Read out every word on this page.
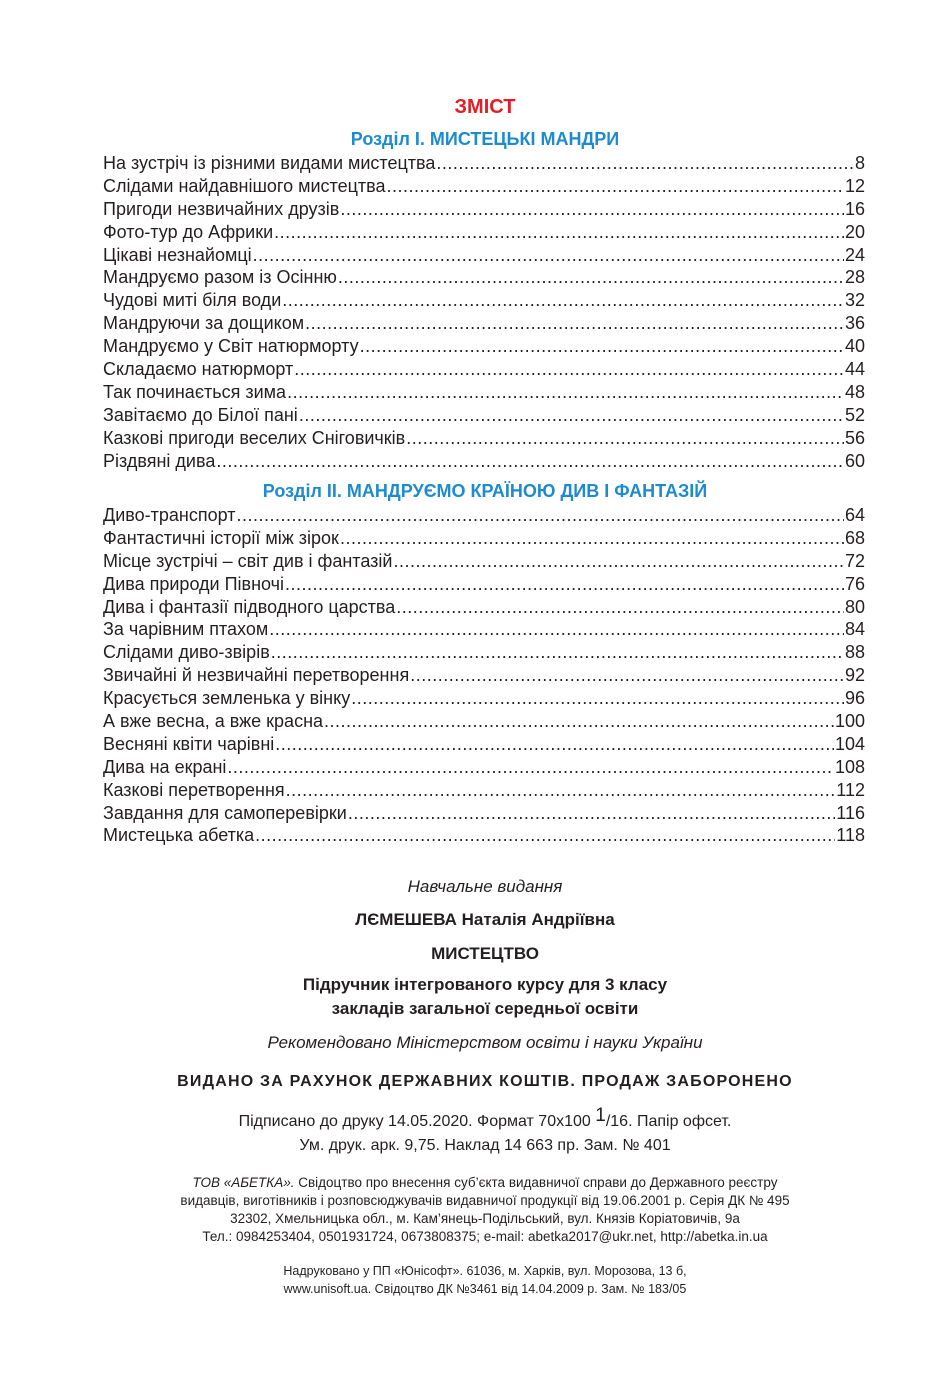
ЗМІСТ
Розділ І. МИСТЕЦЬКІ МАНДРИ
На зустріч із різними видами мистецтва .....	8
Слідами найдавнішого мистецтва .....	12
Пригоди незвичайних друзів .....	16
Фото-тур до Африки .....	20
Цікаві незнайомці .....	24
Мандруємо разом із Осінню .....	28
Чудові миті біля води .....	32
Мандруючи за дощиком .....	36
Мандруємо у Світ натюрморту .....	40
Складаємо натюрморт .....	44
Так починається зима .....	48
Завітаємо до Білої пані .....	52
Казкові пригоди веселих Сніговичків .....	56
Різдвяні дива .....	60
Розділ ІІ. МАНДРУЄМО КРАЇНОЮ ДИВ І ФАНТАЗІЙ
Диво-транспорт .....	64
Фантастичні історії між зірок .....	68
Місце зустрічі – світ див і фантазій .....	72
Дива природи Півночі .....	76
Дива і фантазії підводного царства .....	80
За чарівним птахом .....	84
Слідами диво-звірів .....	88
Звичайні й незвичайні перетворення .....	92
Красується земленька у вінку .....	96
А вже весна, а вже красна .....	100
Весняні квіти чарівні .....	104
Дива на екрані .....	108
Казкові перетворення .....	112
Завдання для самоперевірки .....	116
Мистецька абетка .....	118
Навчальне видання
ЛЄМЕШЕВА Наталія Андріївна
МИСТЕЦТВО
Підручник інтегрованого курсу для 3 класу
закладів загальної середньої освіти
Рекомендовано Міністерством освіти і науки України
ВИДАНО ЗА РАХУНОК ДЕРЖАВНИХ КОШТІВ. ПРОДАЖ ЗАБОРОНЕНО
Підписано до друку 14.05.2020. Формат 70х100 1/16. Папір офсет.
Ум. друк. арк. 9,75. Наклад 14 663 пр. Зам. № 401
ТОВ «АБЕТКА». Свідоцтво про внесення суб’єкта видавничої справи до Державного реєстру
видавців, виготівників і розповсюджувачів видавничої продукції від 19.06.2001 р. Серія ДК № 495
32302, Хмельницька обл., м. Кам’янець-Подільський, вул. Князів Коріатовичів, 9а
Тел.: 0984253404, 0501931724, 0673808375; e-mail: abetka2017@ukr.net, http://abetka.in.ua
Надруковано у ПП «Юнісофт». 61036, м. Харків, вул. Морозова, 13 б,
www.unisoft.ua. Свідоцтво ДК №3461 від 14.04.2009 р. Зам. № 183/05
